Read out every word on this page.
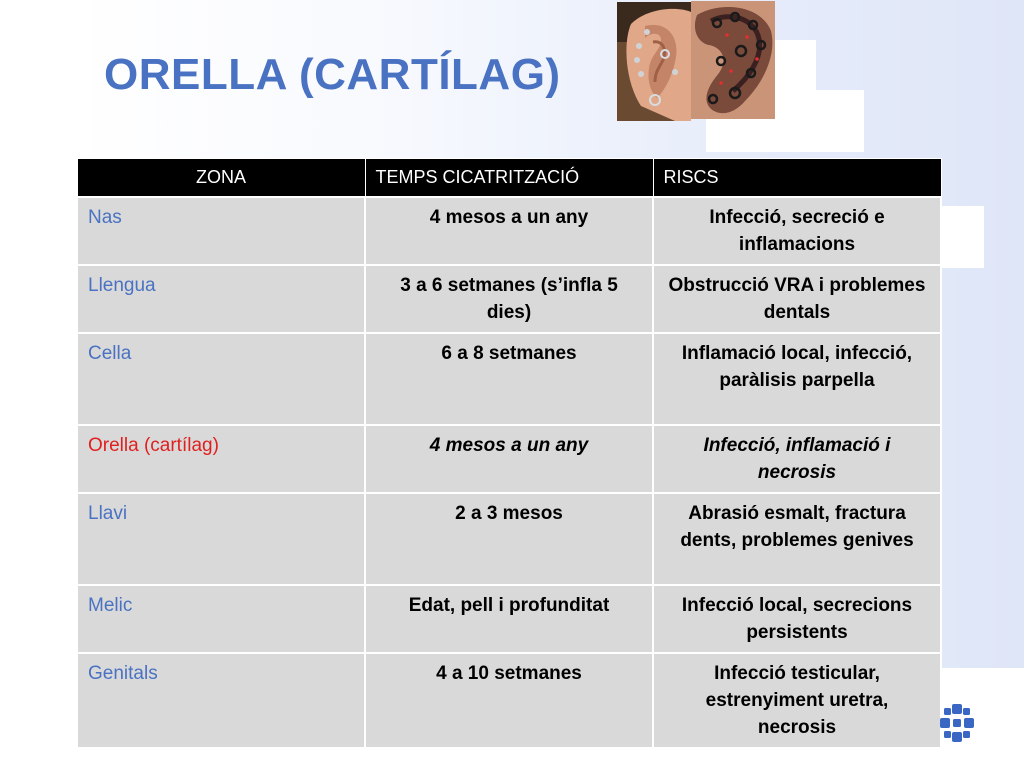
ORELLA (CARTÍLAG)
ZONA	TEMPS CICATRITZACIÓ	RISCS
Nas	4 mesos a un any	Infecció, secreció e inflamacions
Llengua	3 a 6 setmanes (s’infla 5 dies)	Obstrucció VRA i problemes dentals
Cella	6 a 8 setmanes	Inflamació local, infecció, paràlisis parpella
Orella (cartílag)	4 mesos a un any	Infecció, inflamació i necrosis
Llavi	2 a 3 mesos	Abrasió esmalt, fractura dents, problemes genives
Melic	Edat, pell i profunditat	Infecció local, secrecions persistents
Genitals	4 a 10 setmanes	Infecció testicular, estrenyiment uretra, necrosis
